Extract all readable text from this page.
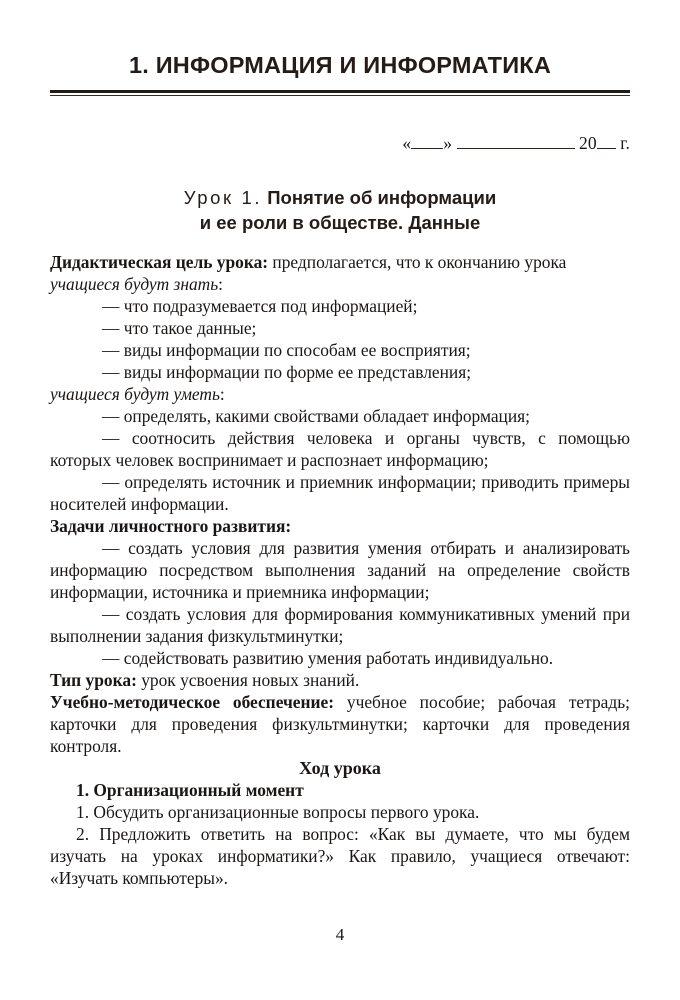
1. ИНФОРМАЦИЯ И ИНФОРМАТИКА
« »	20 г.
Урок 1. Понятие об информации
и ее роли в обществе. Данные

Дидактическая цель урока: предполагается, что к окончанию урока

учащиеся будут знать:

— что подразумевается под информацией;

— что такое данные;

— виды информации по способам ее восприятия;

— виды информации по форме ее представления;

учащиеся будут уметь:

— определять, какими свойствами обладает информация;

— соотносить действия человека и органы чувств, с помощью которых человек воспринимает и распознает информацию;

— определять источник и приемник информации; приводить примеры носителей информации.

Задачи личностного развития:

— создать условия для развития умения отбирать и анализировать информацию посредством выполнения заданий на определение свойств информации, источника и приемника информации;

— создать условия для формирования коммуникативных умений при выполнении задания физкультминутки;

— содействовать развитию умения работать индивидуально.

Тип урока: урок усвоения новых знаний.

Учебно-методическое обеспечение: учебное пособие; рабочая тетрадь; карточки для проведения физкультминутки; карточки для проведения контроля.

Ход урока

1. Организационный момент

1. Обсудить организационные вопросы первого урока.

2. Предложить ответить на вопрос: «Как вы думаете, что мы будем изучать на уроках информатики?» Как правило, учащиеся отвечают: «Изучать компьютеры».

4
